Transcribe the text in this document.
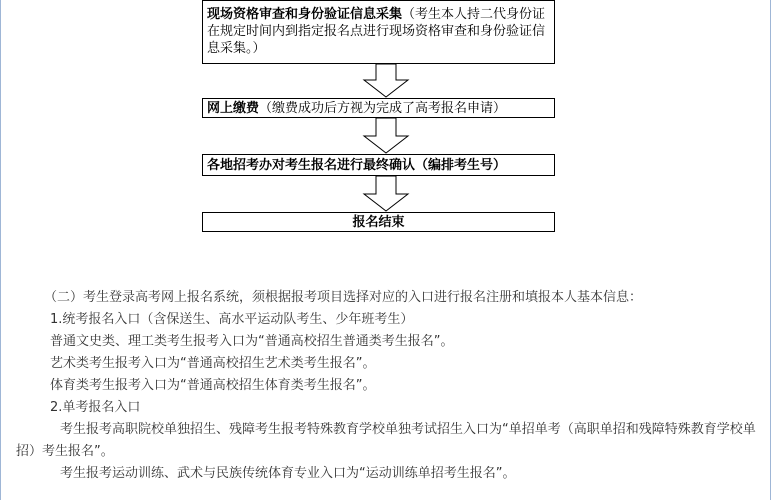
现场资格审查和身份验证信息采集（考生本人持二代身份证在规定时间内到指定报名点进行现场资格审查和身份验证信息采集。）
网上缴费（缴费成功后方视为完成了高考报名申请）
各地招考办对考生报名进行最终确认（编排考生号）
报名结束

（二）考生登录高考网上报名系统，须根据报考项目选择对应的入口进行报名注册和填报本人基本信息：

1.统考报名入口（含保送生、高水平运动队考生、少年班考生）

普通文史类、理工类考生报考入口为“普通高校招生普通类考生报名”。

艺术类考生报考入口为“普通高校招生艺术类考生报名”。

体育类考生报考入口为“普通高校招生体育类考生报名”。

2.单考报名入口

考生报考高职院校单独招生、残障考生报考特殊教育学校单独考试招生入口为“单招单考（高职单招和残障特殊教育学校单招）考生报名”。

考生报考运动训练、武术与民族传统体育专业入口为“运动训练单招考生报名”。
